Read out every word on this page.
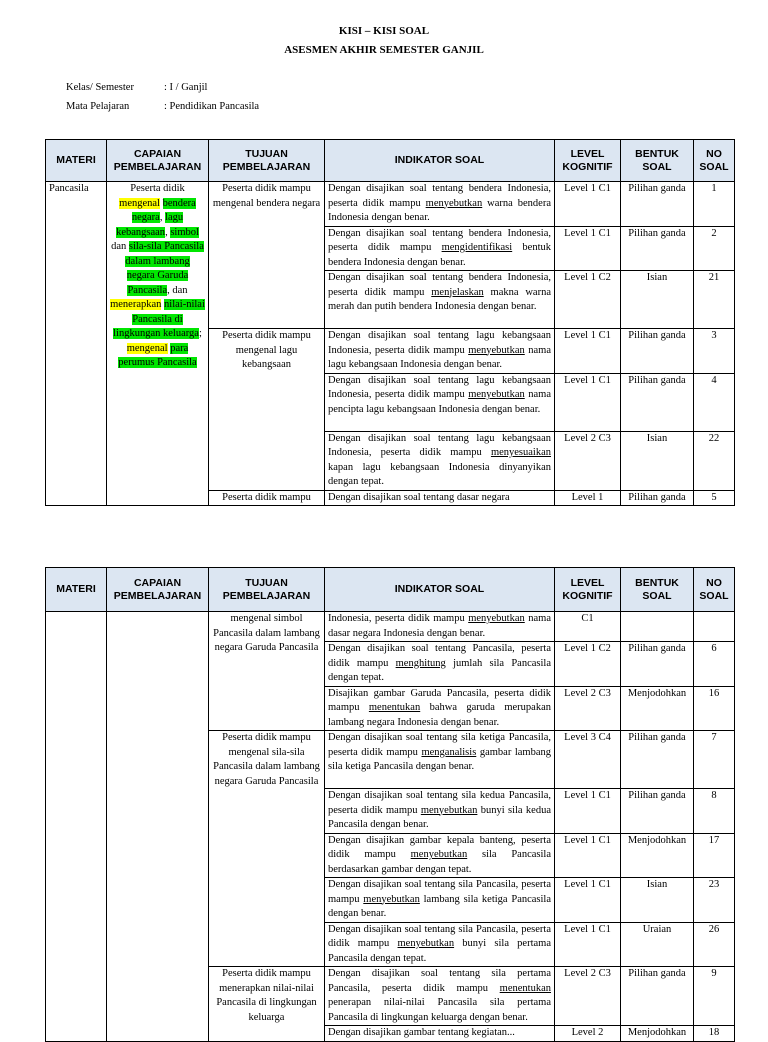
KISI – KISI SOAL
ASESMEN AKHIR SEMESTER GANJIL
Kelas/ Semester	: I / Ganjil
Mata Pelajaran	: Pendidikan Pancasila
MATERI	CAPAIAN PEMBELAJARAN	TUJUAN PEMBELAJARAN	INDIKATOR SOAL	LEVEL KOGNITIF	BENTUK SOAL	NO SOAL
Pancasila	Peserta didik mengenal bendera negara, lagu kebangsaan, simbol dan sila-sila Pancasila dalam lambang negara Garuda Pancasila, dan menerapkan nilai-nilai Pancasila di lingkungan keluarga; mengenal para perumus Pancasila	Peserta didik mampu mengenal bendera negara	Dengan disajikan soal tentang bendera Indonesia, peserta didik mampu menyebutkan warna bendera Indonesia dengan benar.	Level 1 C1	Pilihan ganda	1
			Dengan disajikan soal tentang bendera Indonesia, peserta didik mampu mengidentifikasi bentuk bendera Indonesia dengan benar.	Level 1 C1	Pilihan ganda	2
			Dengan disajikan soal tentang bendera Indonesia, peserta didik mampu menjelaskan makna warna merah dan putih bendera Indonesia dengan benar.	Level 1 C2	Isian	21
		Peserta didik mampu mengenal lagu kebangsaan	Dengan disajikan soal tentang lagu kebangsaan Indonesia, peserta didik mampu menyebutkan nama lagu kebangsaan Indonesia dengan benar.	Level 1 C1	Pilihan ganda	3
			Dengan disajikan soal tentang lagu kebangsaan Indonesia, peserta didik mampu menyebutkan nama pencipta lagu kebangsaan Indonesia dengan benar.	Level 1 C1	Pilihan ganda	4
			Dengan disajikan soal tentang lagu kebangsaan Indonesia, peserta didik mampu menyesuaikan kapan lagu kebangsaan Indonesia dinyanyikan dengan tepat.	Level 2 C3	Isian	22
		Peserta didik mampu	Dengan disajikan soal tentang dasar negara	Level 1	Pilihan ganda	5
MATERI	CAPAIAN PEMBELAJARAN	TUJUAN PEMBELAJARAN	INDIKATOR SOAL	LEVEL KOGNITIF	BENTUK SOAL	NO SOAL
		mengenal simbol Pancasila dalam lambang negara Garuda Pancasila	Indonesia, peserta didik mampu menyebutkan nama dasar negara Indonesia dengan benar.	C1		
			Dengan disajikan soal tentang Pancasila, peserta didik mampu menghitung jumlah sila Pancasila dengan tepat.	Level 1 C2	Pilihan ganda	6
			Disajikan gambar Garuda Pancasila, peserta didik mampu menentukan bahwa garuda merupakan lambang negara Indonesia dengan benar.	Level 2 C3	Menjodohkan	16
		Peserta didik mampu mengenal sila-sila Pancasila dalam lambang negara Garuda Pancasila	Dengan disajikan soal tentang sila ketiga Pancasila, peserta didik mampu menganalisis gambar lambang sila ketiga Pancasila dengan benar.	Level 3 C4	Pilihan ganda	7
			Dengan disajikan soal tentang sila kedua Pancasila, peserta didik mampu menyebutkan bunyi sila kedua Pancasila dengan benar.	Level 1 C1	Pilihan ganda	8
			Dengan disajikan gambar kepala banteng, peserta didik mampu menyebutkan sila Pancasila berdasarkan gambar dengan tepat.	Level 1 C1	Menjodohkan	17
			Dengan disajikan soal tentang sila Pancasila, peserta mampu menyebutkan lambang sila ketiga Pancasila dengan benar.	Level 1 C1	Isian	23
			Dengan disajikan soal tentang sila Pancasila, peserta didik mampu menyebutkan bunyi sila pertama Pancasila dengan tepat.	Level 1 C1	Uraian	26
		Peserta didik mampu menerapkan nilai-nilai Pancasila di lingkungan keluarga	Dengan disajikan soal tentang sila pertama Pancasila, peserta didik mampu menentukan penerapan nilai-nilai Pancasila sila pertama Pancasila di lingkungan keluarga dengan benar.	Level 2 C3	Pilihan ganda	9
			Dengan disajikan gambar tentang kegiatan...	Level 2	Menjodohkan	18
